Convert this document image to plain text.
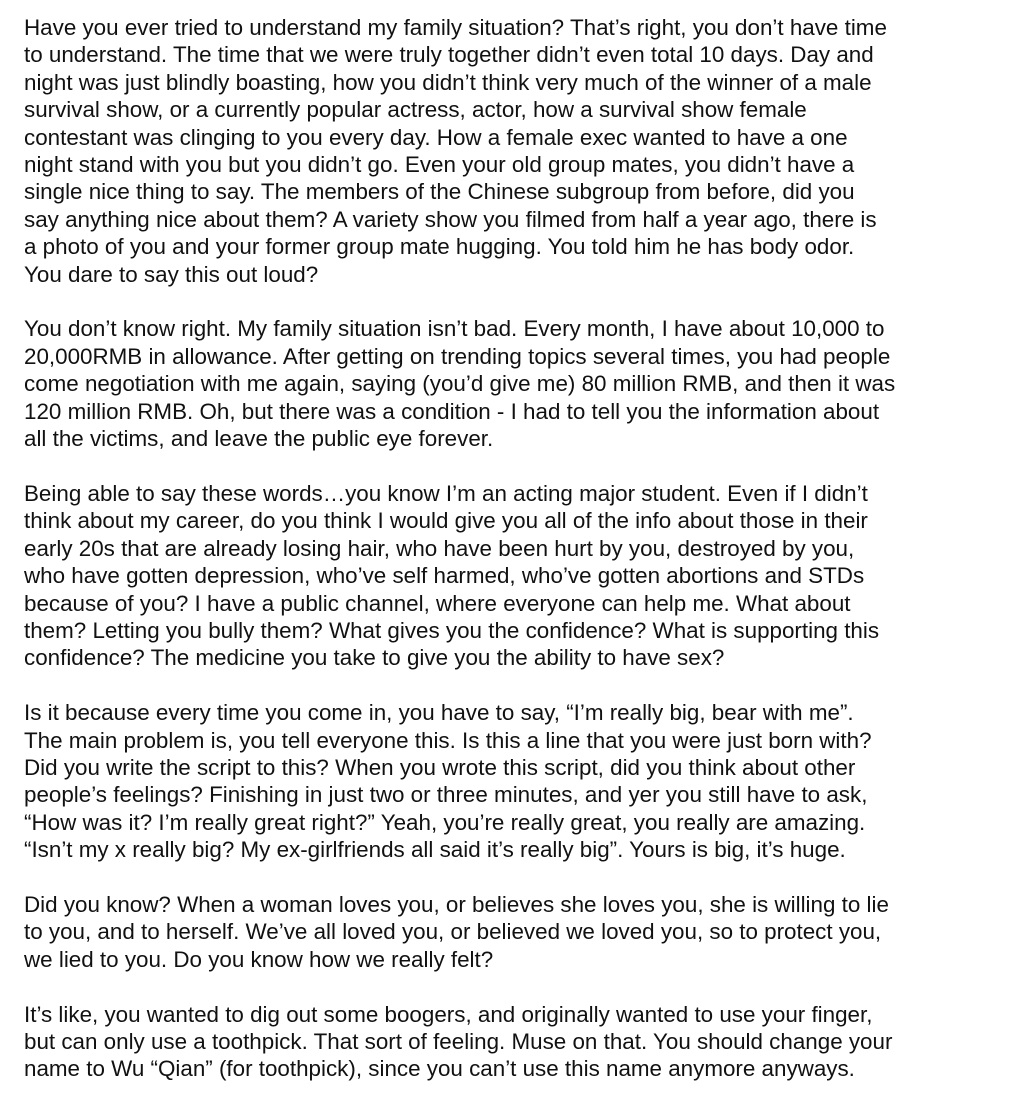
Have you ever tried to understand my family situation? That’s right, you don’t have time
to understand. The time that we were truly together didn’t even total 10 days. Day and
night was just blindly boasting, how you didn’t think very much of the winner of a male
survival show, or a currently popular actress, actor, how a survival show female
contestant was clinging to you every day. How a female exec wanted to have a one
night stand with you but you didn’t go. Even your old group mates, you didn’t have a
single nice thing to say. The members of the Chinese subgroup from before, did you
say anything nice about them? A variety show you filmed from half a year ago, there is
a photo of you and your former group mate hugging. You told him he has body odor.
You dare to say this out loud?

You don’t know right. My family situation isn’t bad. Every month, I have about 10,000 to
20,000RMB in allowance. After getting on trending topics several times, you had people
come negotiation with me again, saying (you’d give me) 80 million RMB, and then it was
120 million RMB. Oh, but there was a condition - I had to tell you the information about
all the victims, and leave the public eye forever.

Being able to say these words…you know I’m an acting major student. Even if I didn’t
think about my career, do you think I would give you all of the info about those in their
early 20s that are already losing hair, who have been hurt by you, destroyed by you,
who have gotten depression, who’ve self harmed, who’ve gotten abortions and STDs
because of you? I have a public channel, where everyone can help me. What about
them? Letting you bully them? What gives you the confidence? What is supporting this
confidence? The medicine you take to give you the ability to have sex?

Is it because every time you come in, you have to say, “I’m really big, bear with me”.
The main problem is, you tell everyone this. Is this a line that you were just born with?
Did you write the script to this? When you wrote this script, did you think about other
people’s feelings? Finishing in just two or three minutes, and yer you still have to ask,
“How was it? I’m really great right?” Yeah, you’re really great, you really are amazing.
“Isn’t my x really big? My ex-girlfriends all said it’s really big”. Yours is big, it’s huge.

Did you know? When a woman loves you, or believes she loves you, she is willing to lie
to you, and to herself. We’ve all loved you, or believed we loved you, so to protect you,
we lied to you. Do you know how we really felt?

It’s like, you wanted to dig out some boogers, and originally wanted to use your finger,
but can only use a toothpick. That sort of feeling. Muse on that. You should change your
name to Wu “Qian” (for toothpick), since you can’t use this name anymore anyways.
